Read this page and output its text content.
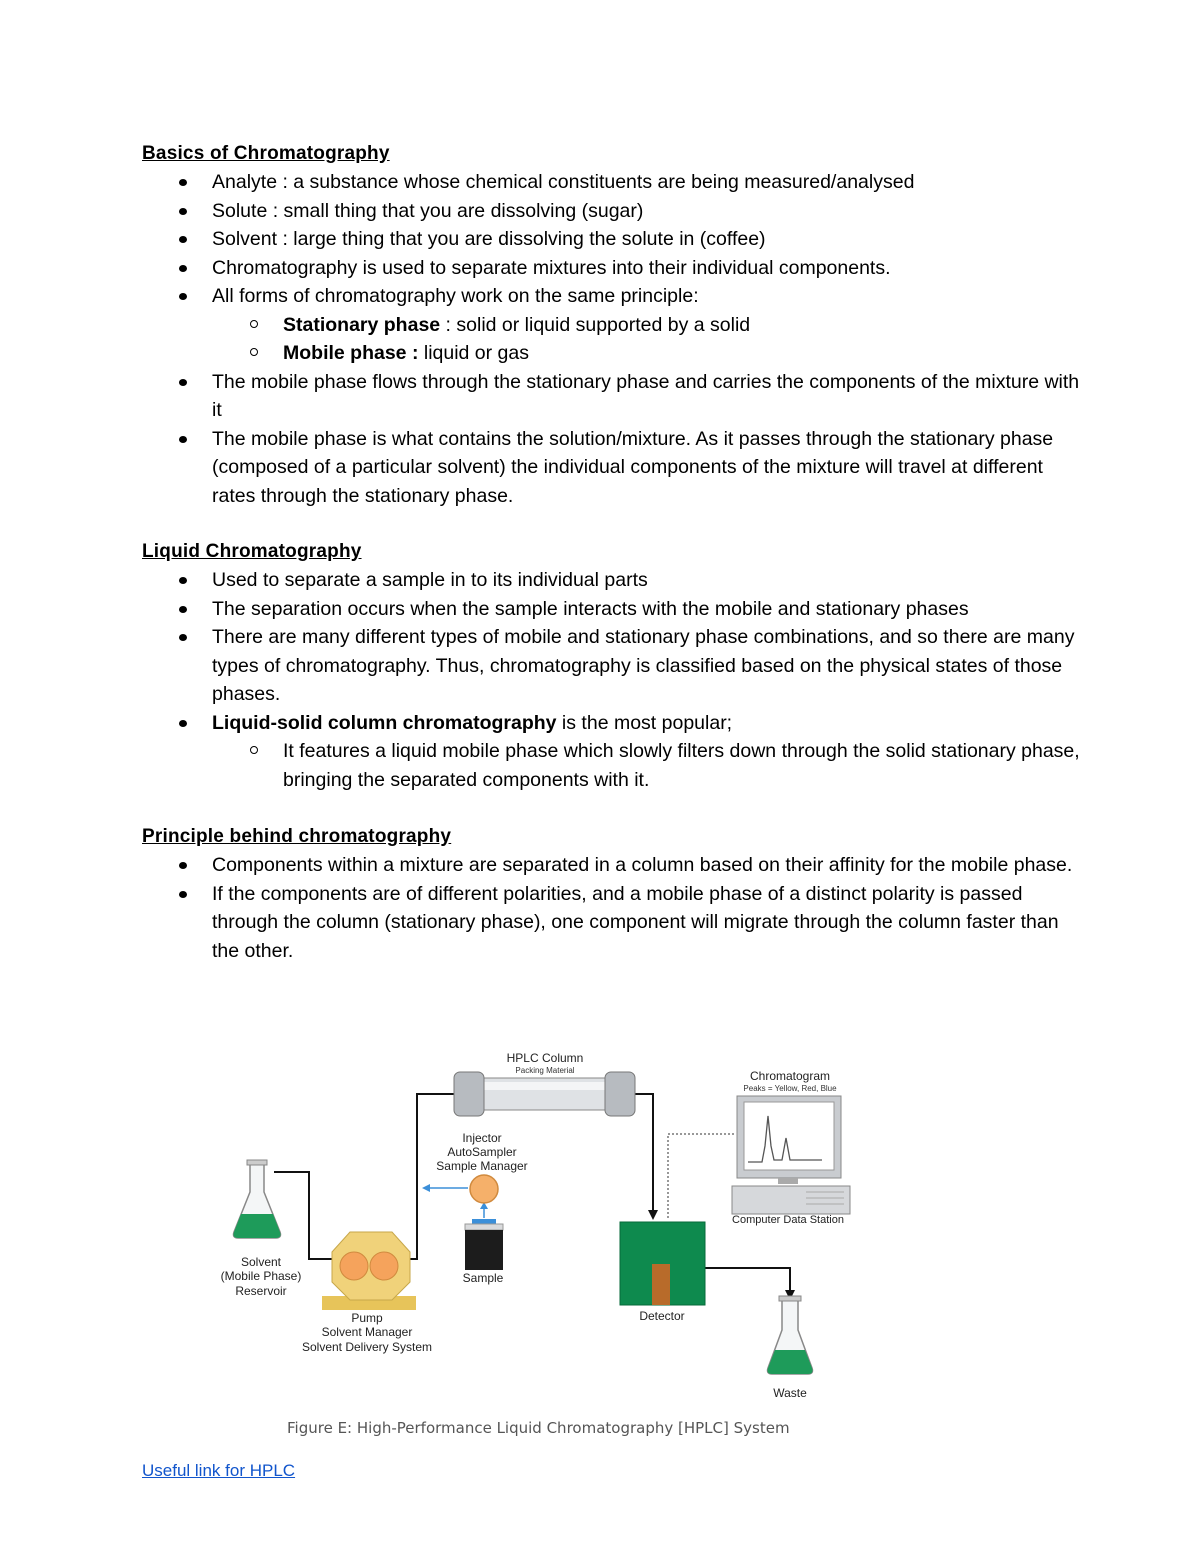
Basics of Chromatography

Analyte : a substance whose chemical constituents are being measured/analysed
Solute : small thing that you are dissolving (sugar)
Solvent : large thing that you are dissolving the solute in (coffee)
Chromatography is used to separate mixtures into their individual components.
All forms of chromatography work on the same principle:
Stationary phase : solid or liquid supported by a solid
Mobile phase : liquid or gas
The mobile phase flows through the stationary phase and carries the components of the mixture with it
The mobile phase is what contains the solution/mixture. As it passes through the stationary phase (composed of a particular solvent) the individual components of the mixture will travel at different rates through the stationary phase.

Liquid Chromatography

Used to separate a sample in to its individual parts
The separation occurs when the sample interacts with the mobile and stationary phases
There are many different types of mobile and stationary phase combinations, and so there are many types of chromatography. Thus, chromatography is classified based on the physical states of those phases.
Liquid-solid column chromatography is the most popular;
It features a liquid mobile phase which slowly filters down through the solid stationary phase, bringing the separated components with it.

Principle behind chromatography

Components within a mixture are separated in a column based on their affinity for the mobile phase.
If the components are of different polarities, and a mobile phase of a distinct polarity is passed through the column (stationary phase), one component will migrate through the column faster than the other.
HPLC Column
Packing Material
Injector
AutoSampler
Sample Manager
Sample
Solvent
(Mobile Phase)
Reservoir
Pump
Solvent Manager
Solvent Delivery System
Detector
Chromatogram
Peaks = Yellow, Red, Blue
Computer Data Station
Waste

Figure E: High-Performance Liquid Chromatography [HPLC] System

Useful link for HPLC
